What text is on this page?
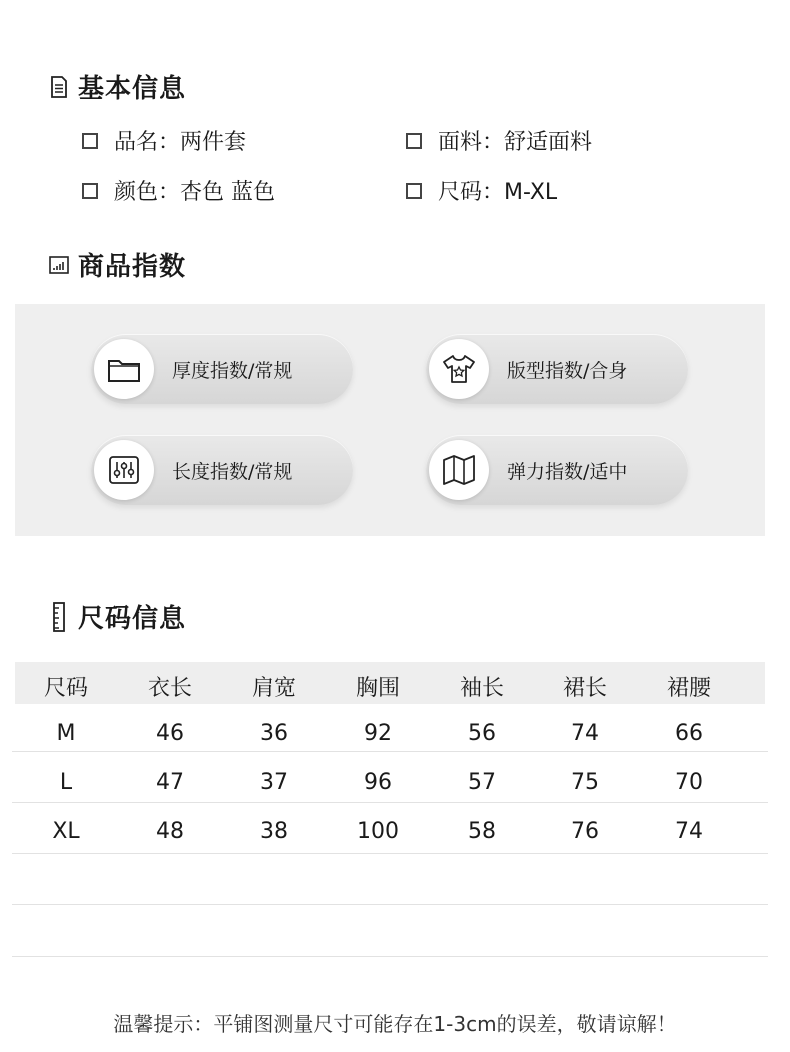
基本信息
品名：两件套	面料：舒适面料
颜色：杏色 蓝色	尺码：M-XL
商品指数
厚度指数/常规	版型指数/合身
长度指数/常规	弹力指数/适中
尺码信息
尺码	衣长	肩宽	胸围	袖长	裙长	裙腰
M	46	36	92	56	74	66
L	47	37	96	57	75	70
XL	48	38	100	58	76	74
温馨提示：平铺图测量尺寸可能存在1-3cm的误差，敬请谅解！
